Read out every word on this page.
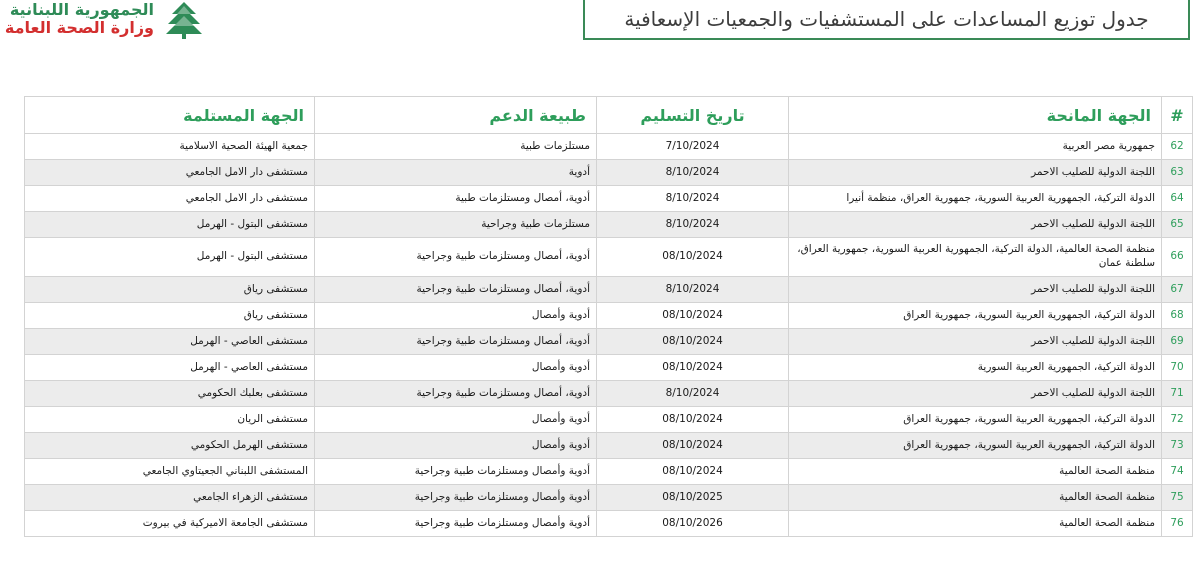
الجمهورية اللبنانية
وزارة الصحة العامة	جدول توزيع المساعدات على المستشفيات والجمعيات الإسعافية
#	الجهة المانحة	تاريخ التسليم	طبيعة الدعم	الجهة المستلمة
62	جمهورية مصر العربية	7/10/2024	مستلزمات طبية	جمعية الهيئة الصحية الاسلامية
63	اللجنة الدولية للصليب الاحمر	8/10/2024	أدوية	مستشفى دار الامل الجامعي
64	الدولة التركية، الجمهورية العربية السورية، جمهورية العراق، منظمة أنيرا	8/10/2024	أدوية، أمصال ومستلزمات طبية	مستشفى دار الامل الجامعي
65	اللجنة الدولية للصليب الاحمر	8/10/2024	مستلزمات طبية وجراحية	مستشفى البتول - الهرمل
66	منظمة الصحة العالمية، الدولة التركية، الجمهورية العربية السورية، جمهورية العراق، سلطنة عمان	08/10/2024	أدوية، أمصال ومستلزمات طبية وجراحية	مستشفى البتول - الهرمل
67	اللجنة الدولية للصليب الاحمر	8/10/2024	أدوية، أمصال ومستلزمات طبية وجراحية	مستشفى رياق
68	الدولة التركية، الجمهورية العربية السورية، جمهورية العراق	08/10/2024	أدوية وأمصال	مستشفى رياق
69	اللجنة الدولية للصليب الاحمر	08/10/2024	أدوية، أمصال ومستلزمات طبية وجراحية	مستشفى العاصي - الهرمل
70	الدولة التركية، الجمهورية العربية السورية	08/10/2024	أدوية وأمصال	مستشفى العاصي - الهرمل
71	اللجنة الدولية للصليب الاحمر	8/10/2024	أدوية، أمصال ومستلزمات طبية وجراحية	مستشفى بعلبك الحكومي
72	الدولة التركية، الجمهورية العربية السورية، جمهورية العراق	08/10/2024	أدوية وأمصال	مستشفى الريان
73	الدولة التركية، الجمهورية العربية السورية، جمهورية العراق	08/10/2024	أدوية وأمصال	مستشفى الهرمل الحكومي
74	منظمة الصحة العالمية	08/10/2024	أدوية وأمصال ومستلزمات طبية وجراحية	المستشفى اللبناني الجعيتاوي الجامعي
75	منظمة الصحة العالمية	08/10/2025	أدوية وأمصال ومستلزمات طبية وجراحية	مستشفى الزهراء الجامعي
76	منظمة الصحة العالمية	08/10/2026	أدوية وأمصال ومستلزمات طبية وجراحية	مستشفى الجامعة الاميركية في بيروت
